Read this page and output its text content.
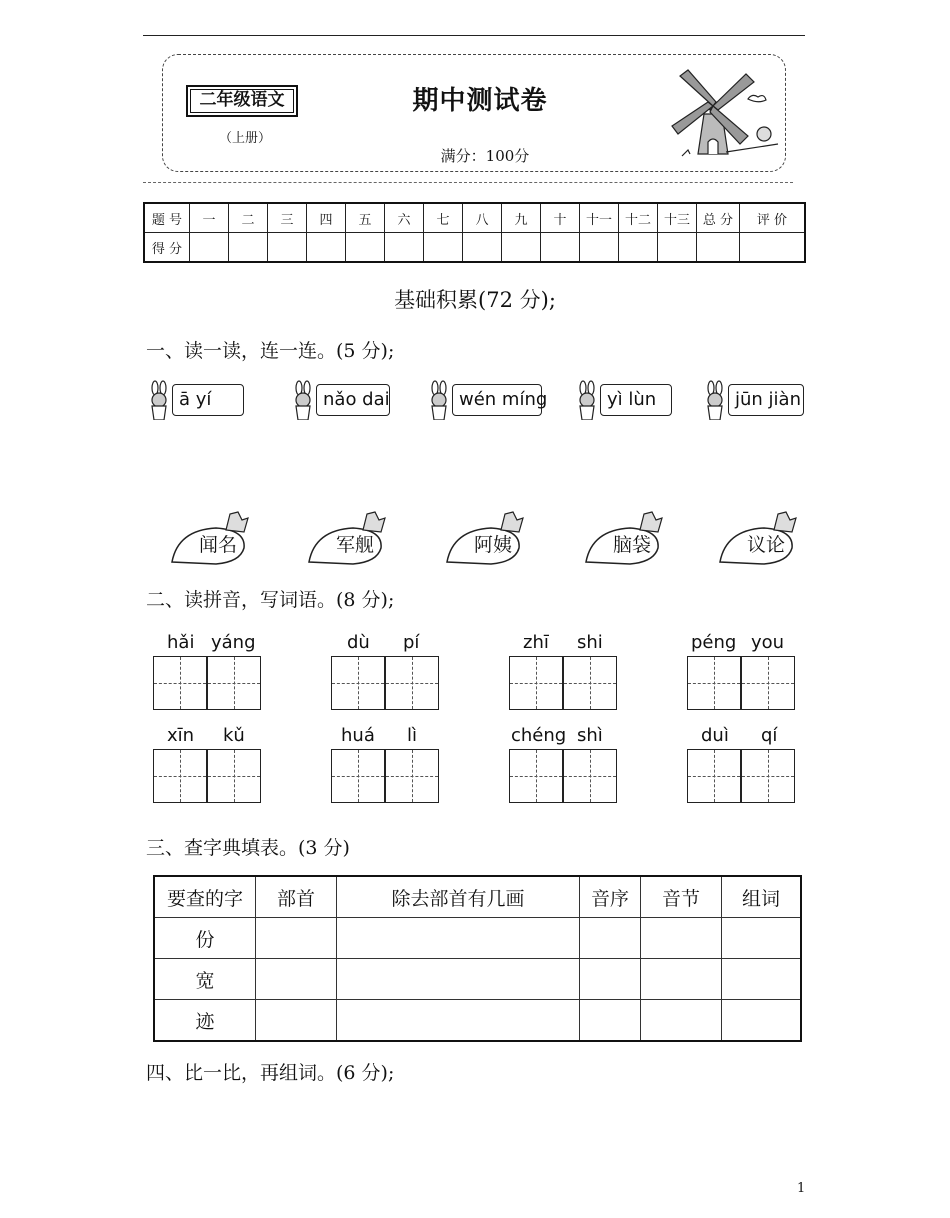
二年级语文
（上册）
期中测试卷
满分：100分
题 号	一	二	三	四	五	六	七	八	九	十	十一	十二	十三	总 分	评 价
得 分															
基础积累(72 分);
一、读一读，连一连。(5 分);
ā yí	nǎo dai	wén míng	yì lùn	jūn jiàn
闻名	军舰	阿姨	脑袋	议论
二、读拼音，写词语。(8 分);
hǎi yáng	dù pí	zhī shi	péng you
xīn kǔ	huá lì	chéng shì	duì qí
三、查字典填表。(3 分)
要查的字	部首	除去部首有几画	音序	音节	组词
份					
宽					
迹					
四、比一比，再组词。(6 分);
1
